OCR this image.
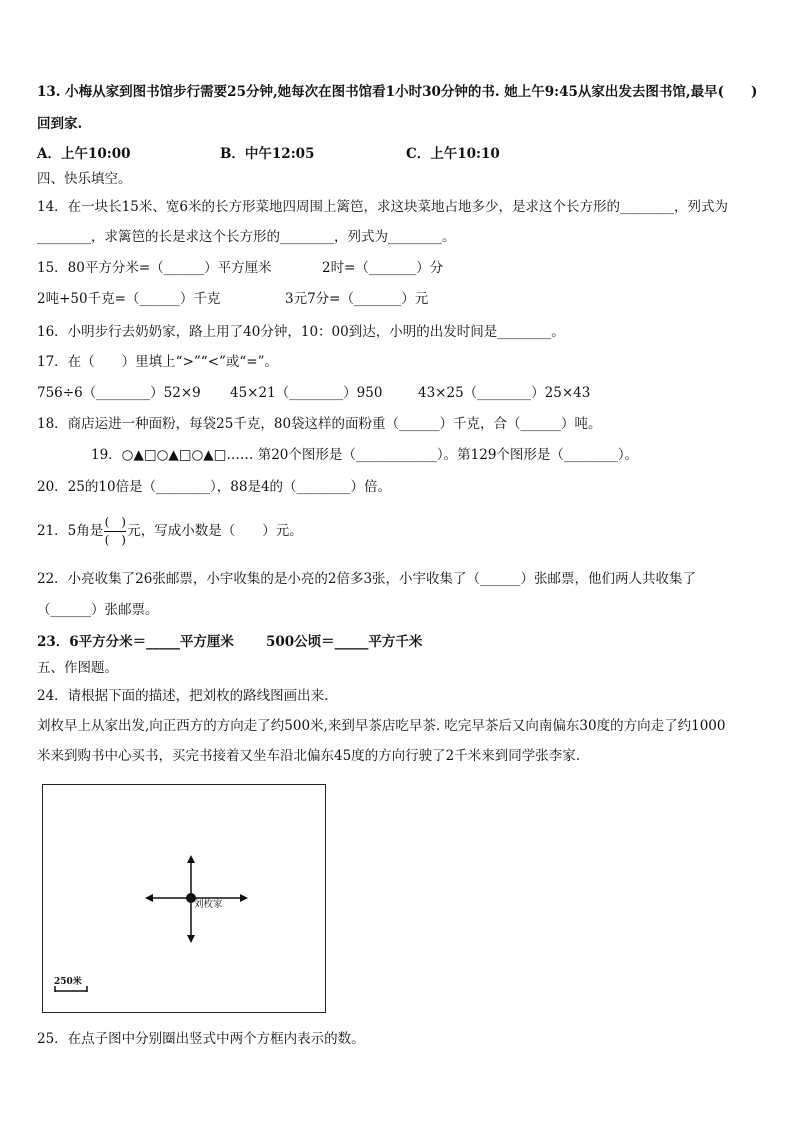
13. 小梅从家到图书馆步行需要25分钟,她每次在图书馆看1小时30分钟的书. 她上午9:45从家出发去图书馆,最早(　　)
回到家.
A．上午10:00	B．中午12:05	C．上午10:10
四、快乐填空。
14．在一块长15米、宽6米的长方形菜地四周围上篱笆，求这块菜地占地多少，是求这个长方形的________，列式为
________，求篱笆的长是求这个长方形的________，列式为________。
15．80平方分米=（______）平方厘米	2时=（_______）分
2吨+50千克=（______）千克	3元7分=（_______）元
16．小明步行去奶奶家，路上用了40分钟，10：00到达，小明的出发时间是________。
17．在（　　）里填上“>”“<”或“=”。
756÷6（________）52×9 45×21（________）950	43×25（________）25×43
18．商店运进一种面粉，每袋25千克，80袋这样的面粉重（______）千克，合（______）吨。
19．○▲□○▲□○▲□…… 第20个图形是（____________）。第129个图形是（________）。
20．25的10倍是（________），88是4的（________）倍。
21．5角是 $\frac{( )}{( )}$ 元，写成小数是（　　）元。
22．小亮收集了26张邮票，小宇收集的是小亮的2倍多3张，小宇收集了（______）张邮票，他们两人共收集了
（______）张邮票。
23．6平方分米＝_____平方厘米 500公顷＝_____平方千米
五、作图题。
24．请根据下面的描述，把刘枚的路线图画出来.
刘枚早上从家出发,向正西方的方向走了约500米,来到早茶店吃早茶. 吃完早茶后又向南偏东30度的方向走了约1000
米来到购书中心买书，买完书接着又坐车沿北偏东45度的方向行驶了2千米来到同学张李家.
刘枚家
250米
25．在点子图中分别圈出竖式中两个方框内表示的数。
